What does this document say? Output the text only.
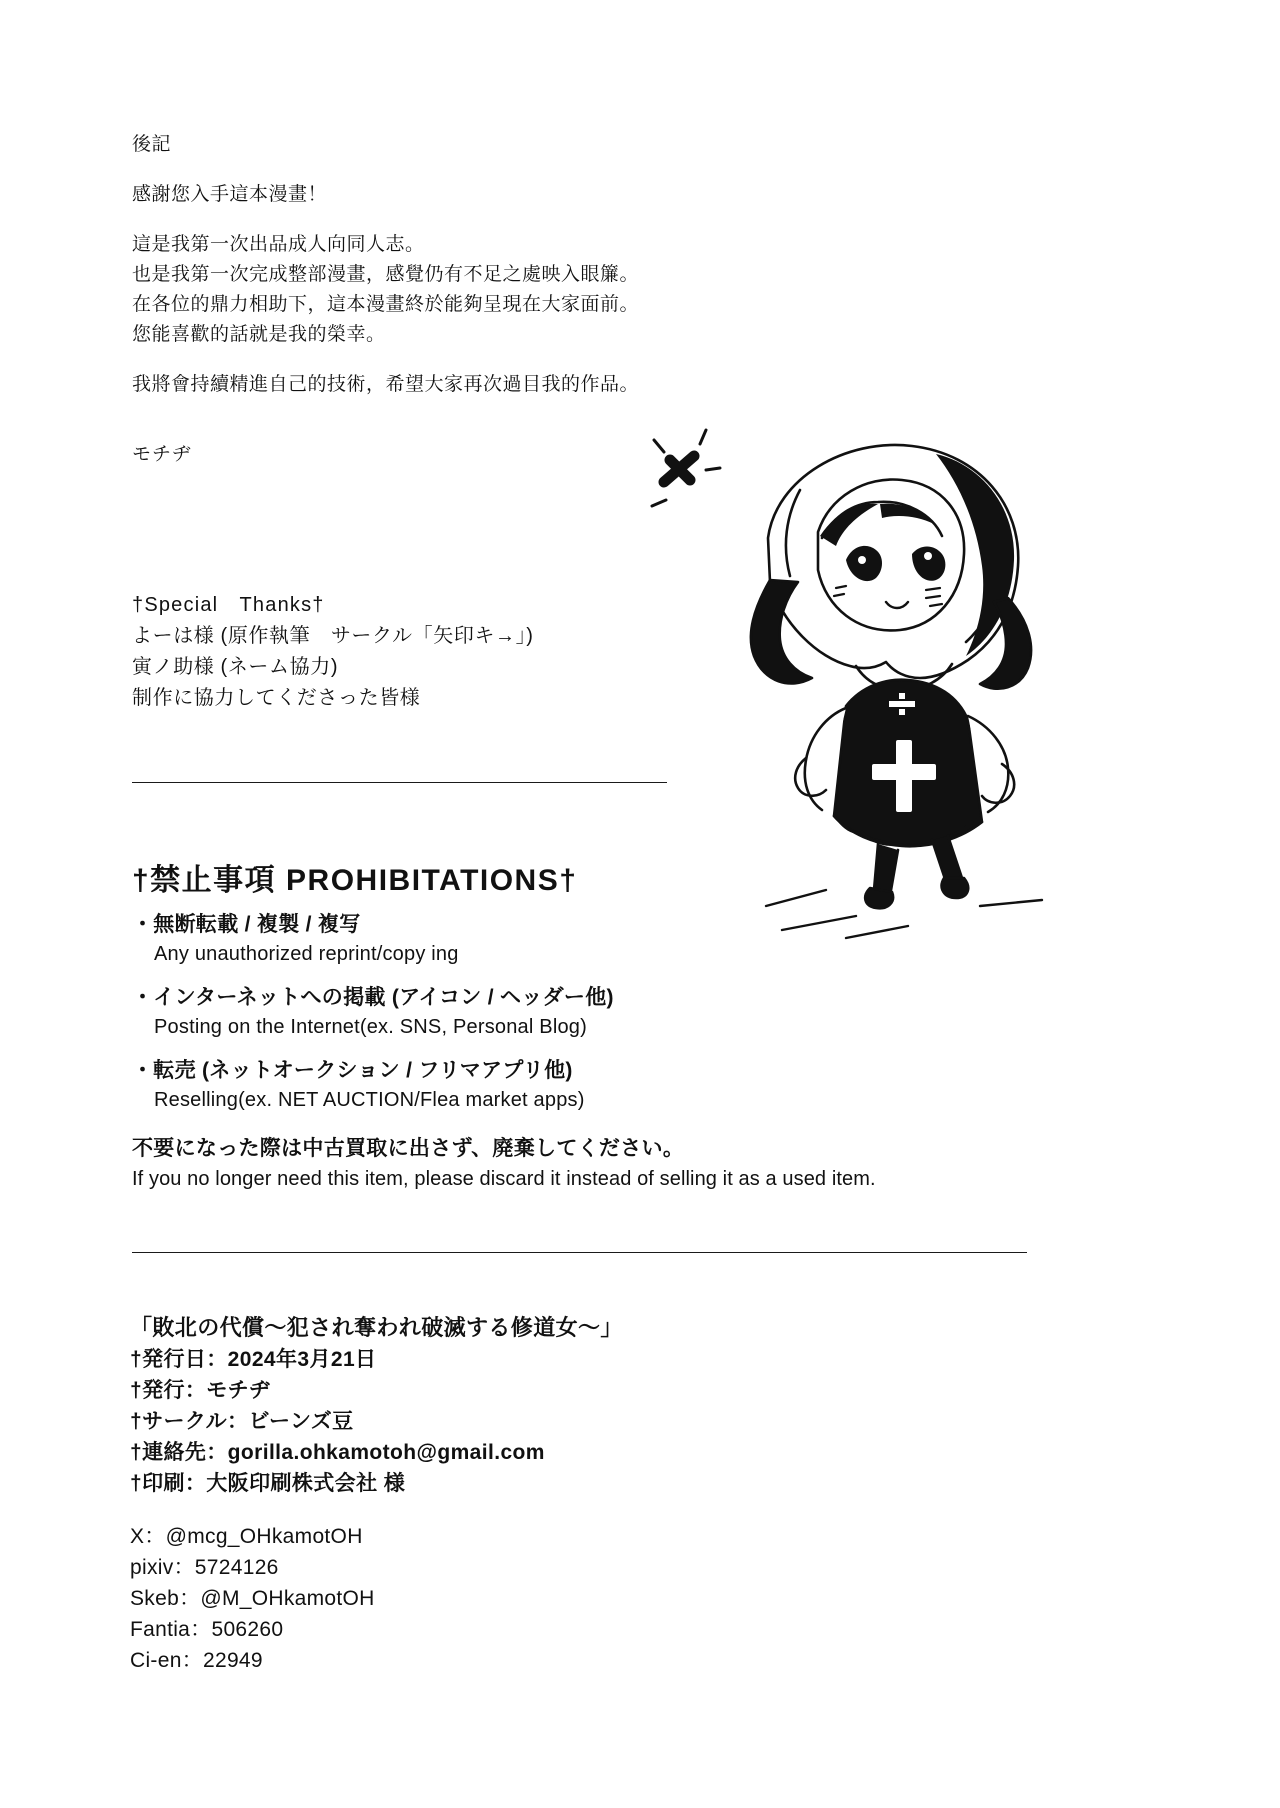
後記
感謝您入手這本漫畫！
這是我第一次出品成人向同人志。
也是我第一次完成整部漫畫，感覺仍有不足之處映入眼簾。
在各位的鼎力相助下，這本漫畫終於能夠呈現在大家面前。
您能喜歡的話就是我的榮幸。
我將會持續精進自己的技術，希望大家再次過目我的作品。
モチヂ
†Special　Thanks†
よーは様 (原作執筆　サークル「矢印キ→」)
寅ノ助様 (ネーム協力)
制作に協力してくださった皆様
†禁止事項 PROHIBITATIONS†
・無断転載 / 複製 / 複写
Any unauthorized reprint/copy ing
・インターネットへの掲載 (アイコン / ヘッダー他)
Posting on the Internet(ex. SNS, Personal Blog)
・転売 (ネットオークション / フリマアプリ他)
Reselling(ex. NET AUCTION/Flea market apps)
不要になった際は中古買取に出さず、廃棄してください。
If you no longer need this item, please discard it instead of selling it as a used item.
「敗北の代償〜犯され奪われ破滅する修道女〜」
†発行日：2024年3月21日
†発行：モチヂ
†サークル：ビーンズ豆
†連絡先：gorilla.ohkamotoh@gmail.com
†印刷：大阪印刷株式会社 様
X：@mcg_OHkamotOH
pixiv：5724126
Skeb：@M_OHkamotOH
Fantia：506260
Ci-en：22949
